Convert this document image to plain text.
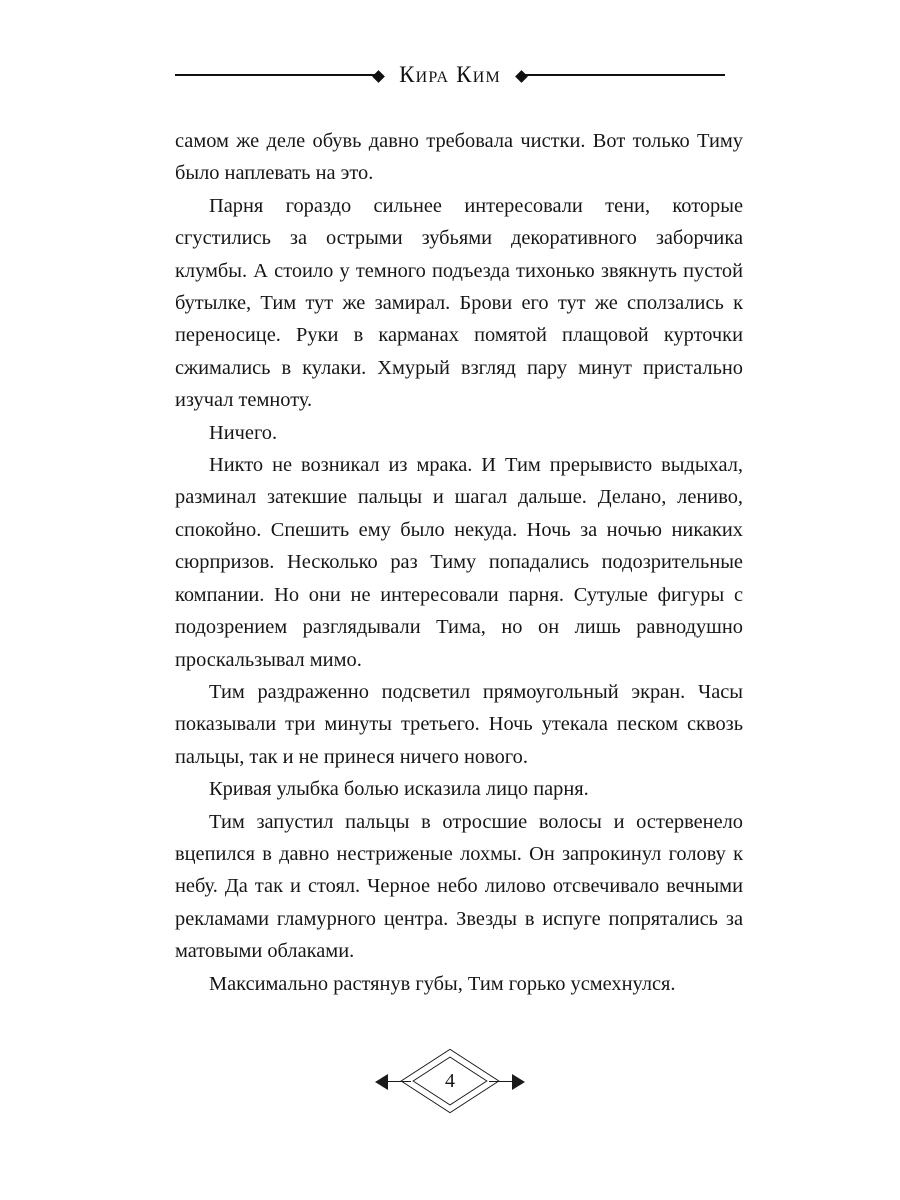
Кира Ким

самом же деле обувь давно требовала чистки. Вот только Тиму было наплевать на это.

Парня гораздо сильнее интересовали тени, которые сгустились за острыми зубьями декоративного заборчика клумбы. А стоило у темного подъезда тихонько звякнуть пустой бутылке, Тим тут же замирал. Брови его тут же сползались к переносице. Руки в карманах помятой плащовой курточки сжимались в кулаки. Хмурый взгляд пару минут пристально изучал темноту.

Ничего.

Никто не возникал из мрака. И Тим прерывисто выдыхал, разминал затекшие пальцы и шагал дальше. Делано, лениво, спокойно. Спешить ему было некуда. Ночь за ночью никаких сюрпризов. Несколько раз Тиму попадались подозрительные компании. Но они не интересовали парня. Сутулые фигуры с подозрением разглядывали Тима, но он лишь равнодушно проскальзывал мимо.

Тим раздраженно подсветил прямоугольный экран. Часы показывали три минуты третьего. Ночь утекала песком сквозь пальцы, так и не принеся ничего нового.

Кривая улыбка болью исказила лицо парня.

Тим запустил пальцы в отросшие волосы и остервенело вцепился в давно нестриженые лохмы. Он запрокинул голову к небу. Да так и стоял. Черное небо лилово отсвечивало вечными рекламами гламурного центра. Звезды в испуге попрятались за матовыми облаками.

Максимально растянув губы, Тим горько усмехнулся.

4
